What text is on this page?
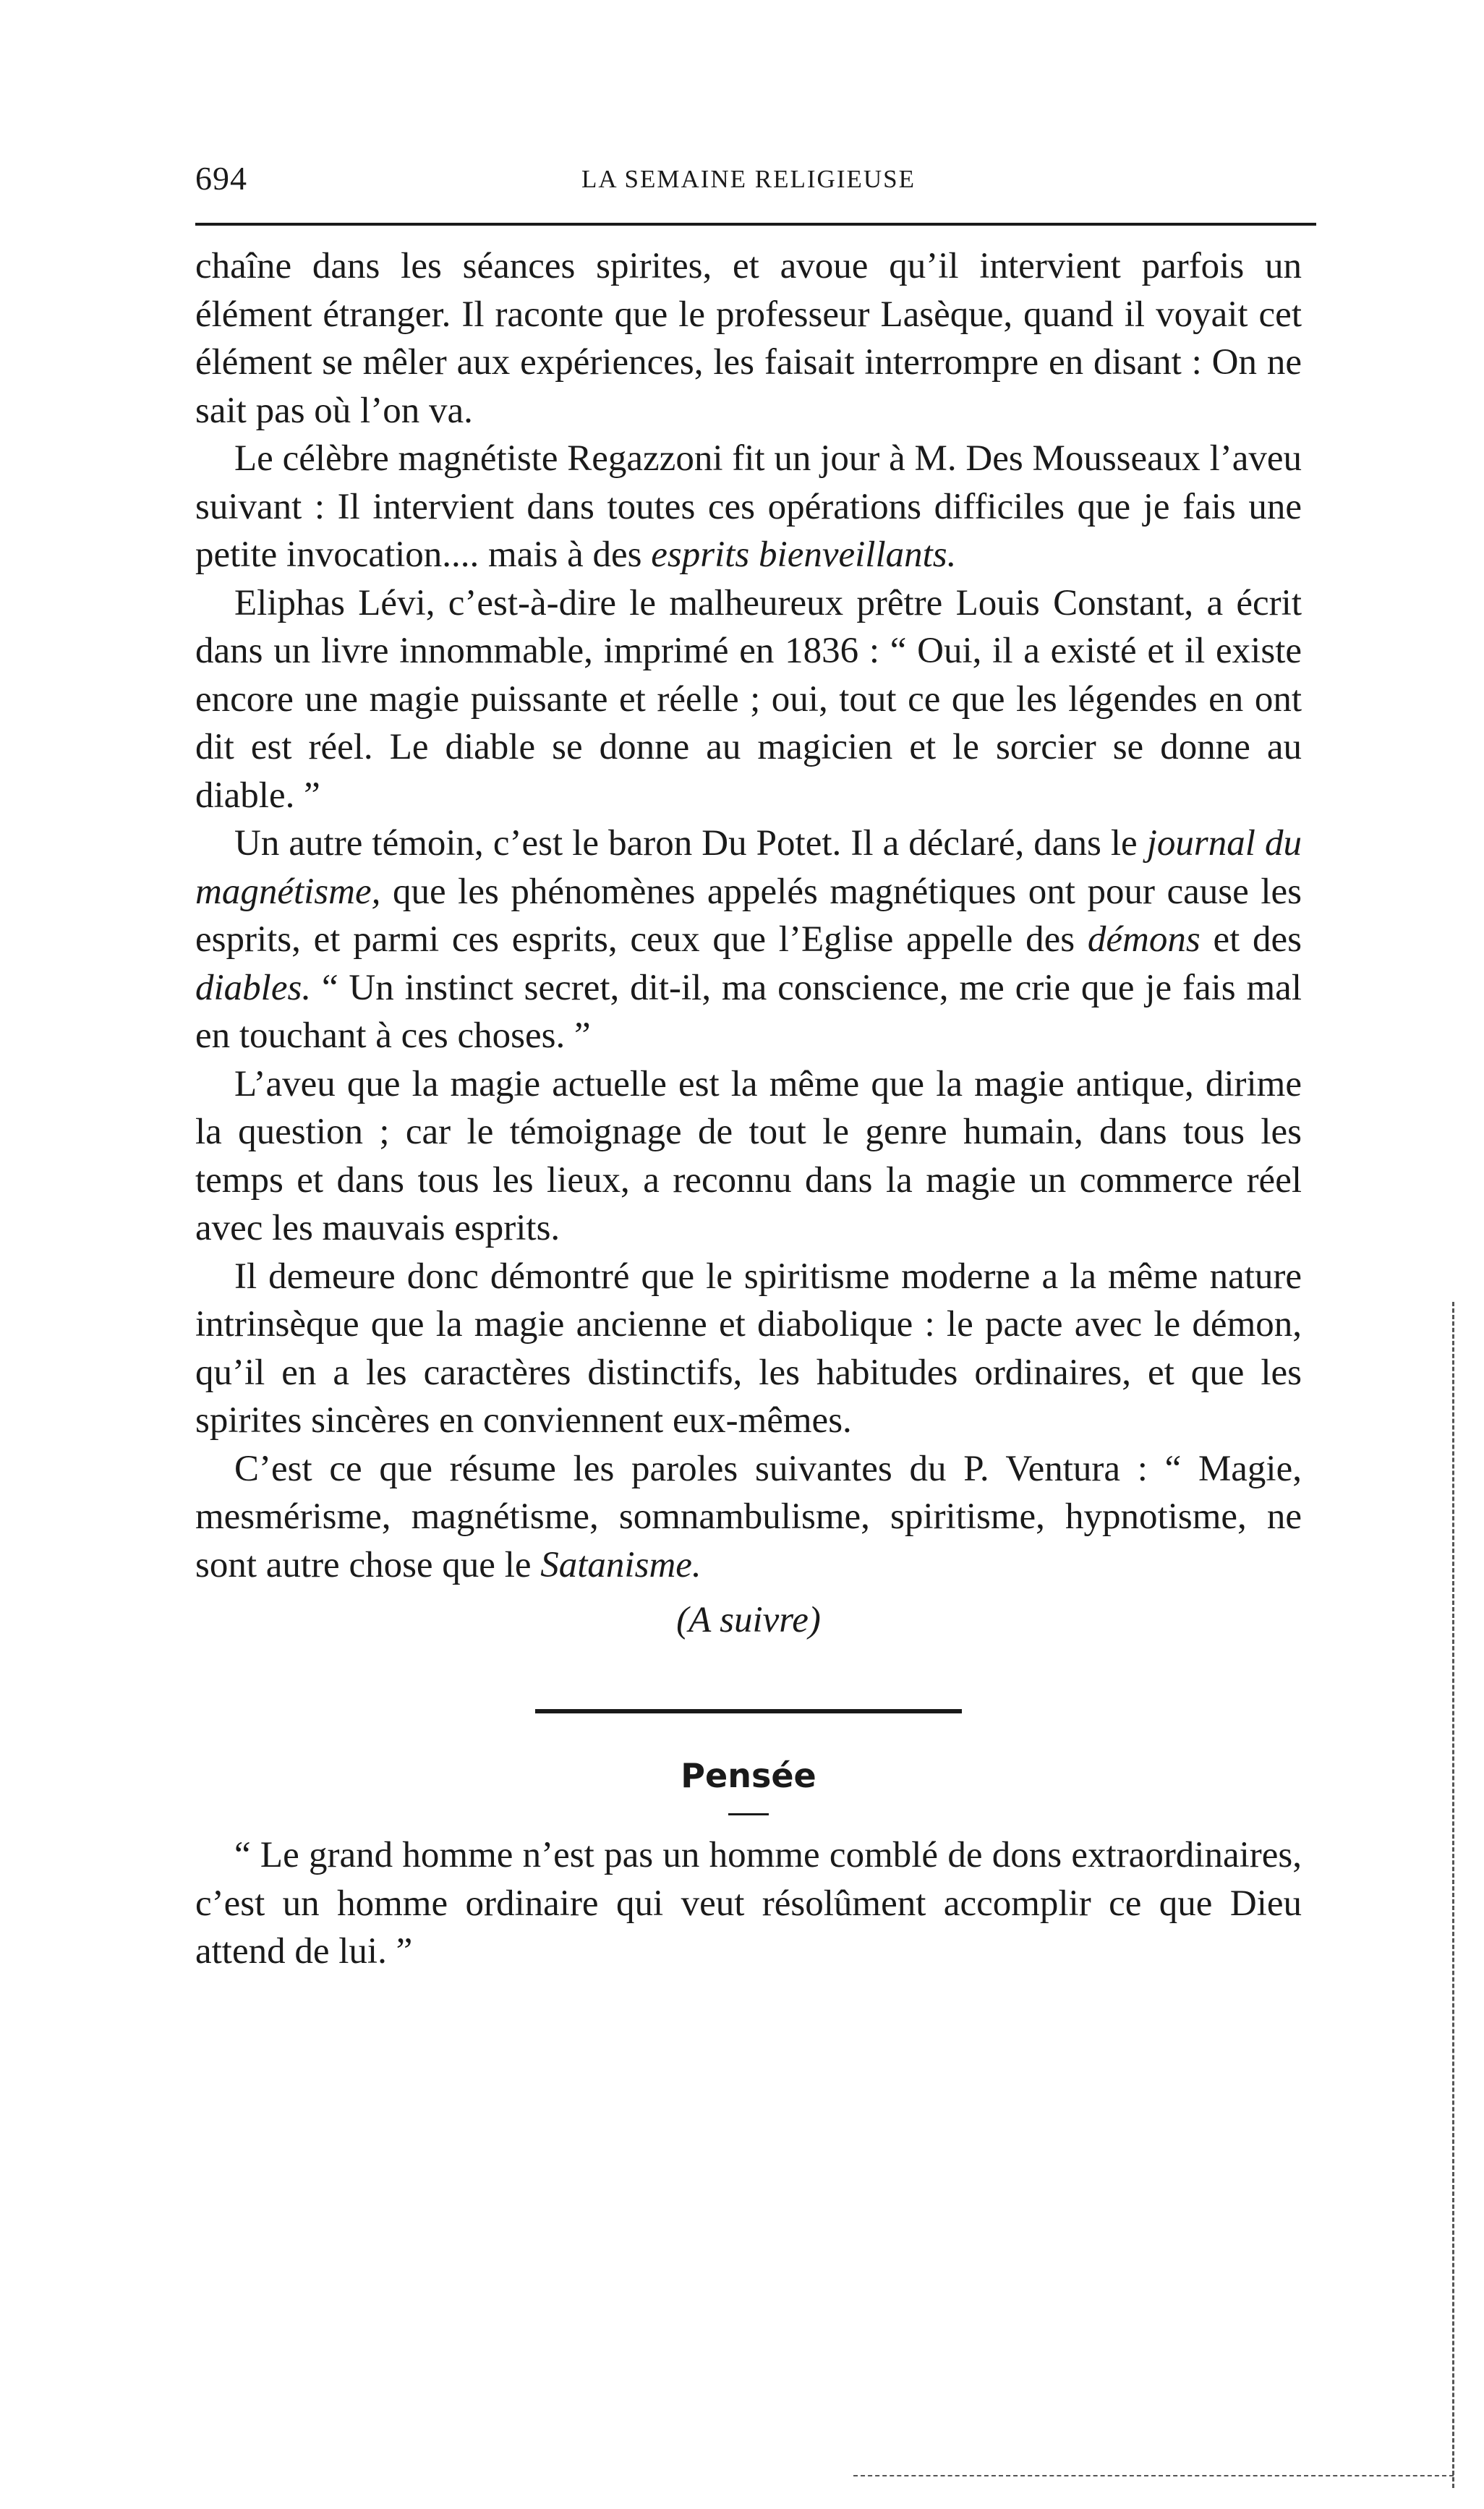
694	LA SEMAINE RELIGIEUSE

chaîne dans les séances spirites, et avoue qu’il intervient parfois un élément étranger. Il raconte que le professeur Lasèque, quand il voyait cet élément se mêler aux expériences, les faisait interrompre en disant : On ne sait pas où l’on va.

Le célèbre magnétiste Regazzoni fit un jour à M. Des Mousseaux l’aveu suivant : Il intervient dans toutes ces opérations difficiles que je fais une petite invocation.... mais à des esprits bienveillants.

Eliphas Lévi, c’est-à-dire le malheureux prêtre Louis Constant, a écrit dans un livre innommable, imprimé en 1836 : “ Oui, il a existé et il existe encore une magie puissante et réelle ; oui, tout ce que les légendes en ont dit est réel. Le diable se donne au magicien et le sorcier se donne au diable. ”

Un autre témoin, c’est le baron Du Potet. Il a déclaré, dans le journal du magnétisme, que les phénomènes appelés magnétiques ont pour cause les esprits, et parmi ces esprits, ceux que l’Eglise appelle des démons et des diables. “ Un instinct secret, dit-il, ma conscience, me crie que je fais mal en touchant à ces choses. ”

L’aveu que la magie actuelle est la même que la magie antique, dirime la question ; car le témoignage de tout le genre humain, dans tous les temps et dans tous les lieux, a reconnu dans la magie un commerce réel avec les mauvais esprits.

Il demeure donc démontré que le spiritisme moderne a la même nature intrinsèque que la magie ancienne et diabolique : le pacte avec le démon, qu’il en a les caractères distinctifs, les habitudes ordinaires, et que les spirites sincères en conviennent eux-mêmes.

C’est ce que résume les paroles suivantes du P. Ventura : “ Magie, mesmérisme, magnétisme, somnambulisme, spiritisme, hypnotisme, ne sont autre chose que le Satanisme.

(A suivre)
Pensée

“ Le grand homme n’est pas un homme comblé de dons extraordinaires, c’est un homme ordinaire qui veut résolûment accomplir ce que Dieu attend de lui. ”
